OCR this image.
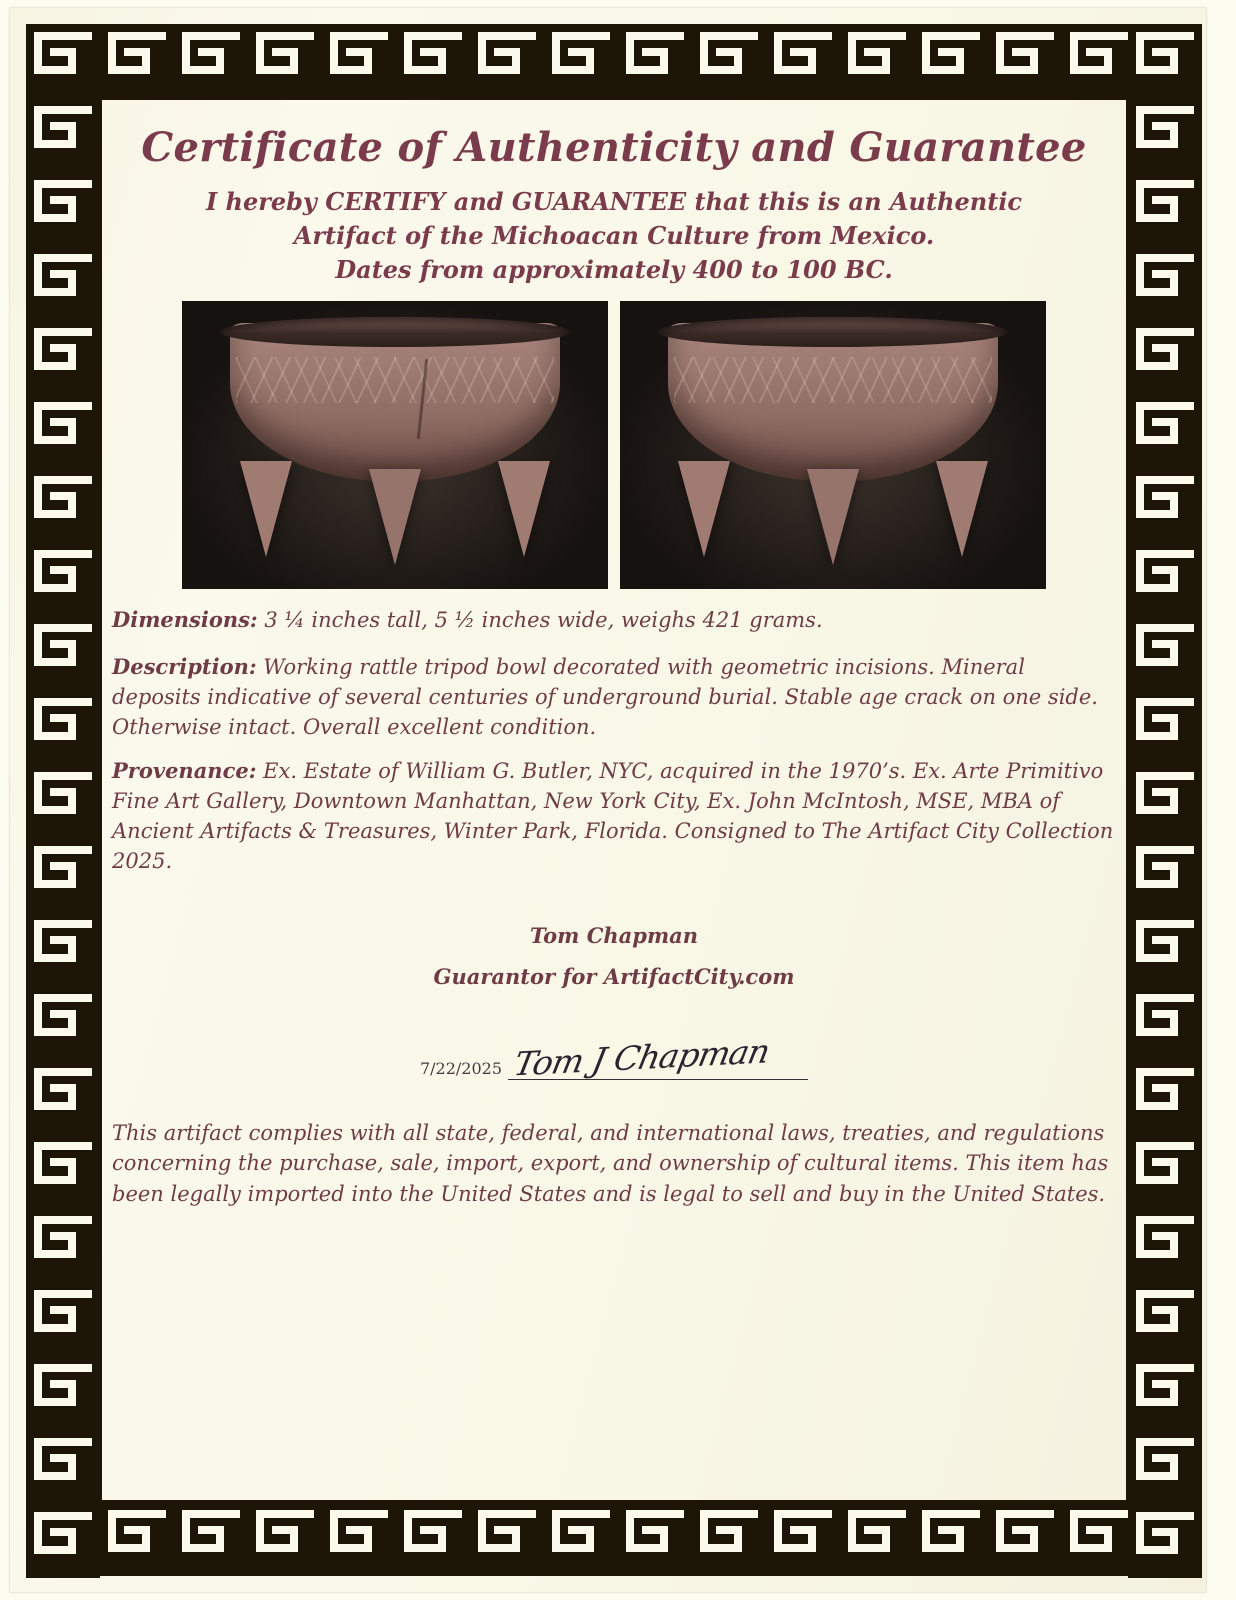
Certificate of Authenticity and Guarantee
I hereby CERTIFY and GUARANTEE that this is an Authentic
Artifact of the Michoacan Culture from Mexico.
Dates from approximately 400 to 100 BC.

Dimensions: 3 ¼ inches tall, 5 ½ inches wide, weighs 421 grams.

Description: Working rattle tripod bowl decorated with geometric incisions. Mineral deposits indicative of several centuries of underground burial. Stable age crack on one side. Otherwise intact. Overall excellent condition.

Provenance: Ex. Estate of William G. Butler, NYC, acquired in the 1970’s. Ex. Arte Primitivo Fine Art Gallery, Downtown Manhattan, New York City, Ex. John McIntosh, MSE, MBA of Ancient Artifacts & Treasures, Winter Park, Florida. Consigned to The Artifact City Collection 2025.

Tom Chapman
Guarantor for ArtifactCity.com
7/22/2025 Tom J Chapman

This artifact complies with all state, federal, and international laws, treaties, and regulations concerning the purchase, sale, import, export, and ownership of cultural items. This item has been legally imported into the United States and is legal to sell and buy in the United States.
